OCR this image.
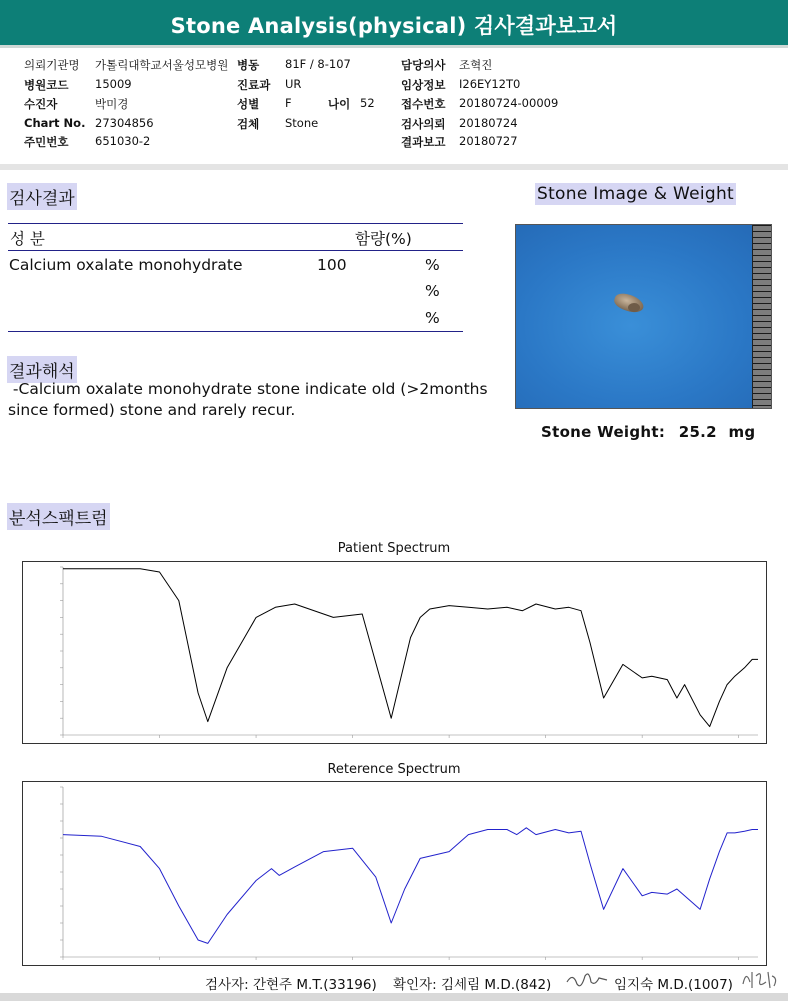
Stone Analysis(physical) 검사결과보고서
의뢰기관명 가톨릭대학교서울성모병원 병동 81F / 8-107	담당의사 조혁진
병원코드 15009	진료과 UR	임상정보 I26EY12T0
수진자	박미경	성별 F	나이 52 접수번호 20180724-00009
Chart No. 27304856	검체 Stone	검사의뢰 20180724
주민번호 651030-2	결과보고 20180727
검사결과
성 분	함량(%)
Calcium oxalate monohydrate	100	%
%
%
결과해석
-Calcium oxalate monohydrate stone indicate old (>2months
since formed) stone and rarely recur.
Stone Image & Weight
Stone Weight: 25.2 mg
분석스팩트럼
Patient Spectrum
Reterence Spectrum
검사자: 간현주 M.T.(33196) 확인자: 김세림 M.D.(842)	임지숙 M.D.(1007)
